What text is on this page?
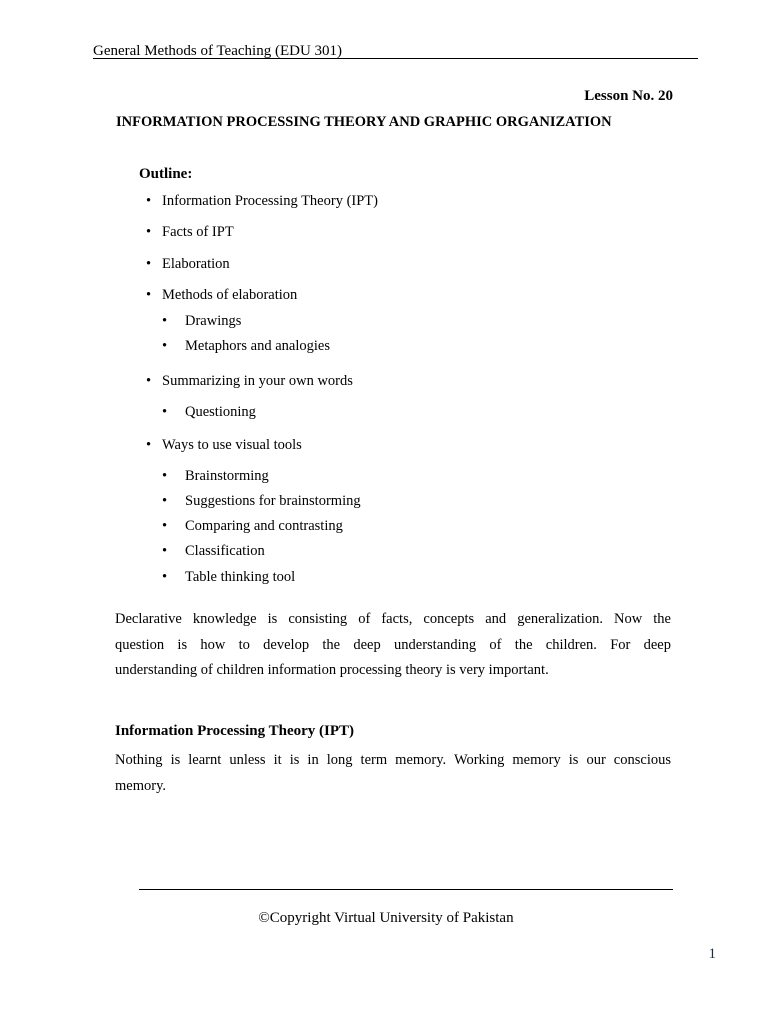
General Methods of Teaching (EDU 301)
Lesson No. 20
INFORMATION PROCESSING THEORY AND GRAPHIC ORGANIZATION
Outline:
• Information Processing Theory (IPT)
• Facts of IPT
• Elaboration
• Methods of elaboration
• Drawings
• Metaphors and analogies
• Summarizing in your own words
• Questioning
• Ways to use visual tools
• Brainstorming
• Suggestions for brainstorming
• Comparing and contrasting
• Classification
• Table thinking tool
Declarative knowledge is consisting of facts, concepts and generalization. Now the
question is how to develop the deep understanding of the children. For deep
understanding of children information processing theory is very important.
Information Processing Theory (IPT)
Nothing is learnt unless it is in long term memory. Working memory is our conscious
memory.
©Copyright Virtual University of Pakistan
1
